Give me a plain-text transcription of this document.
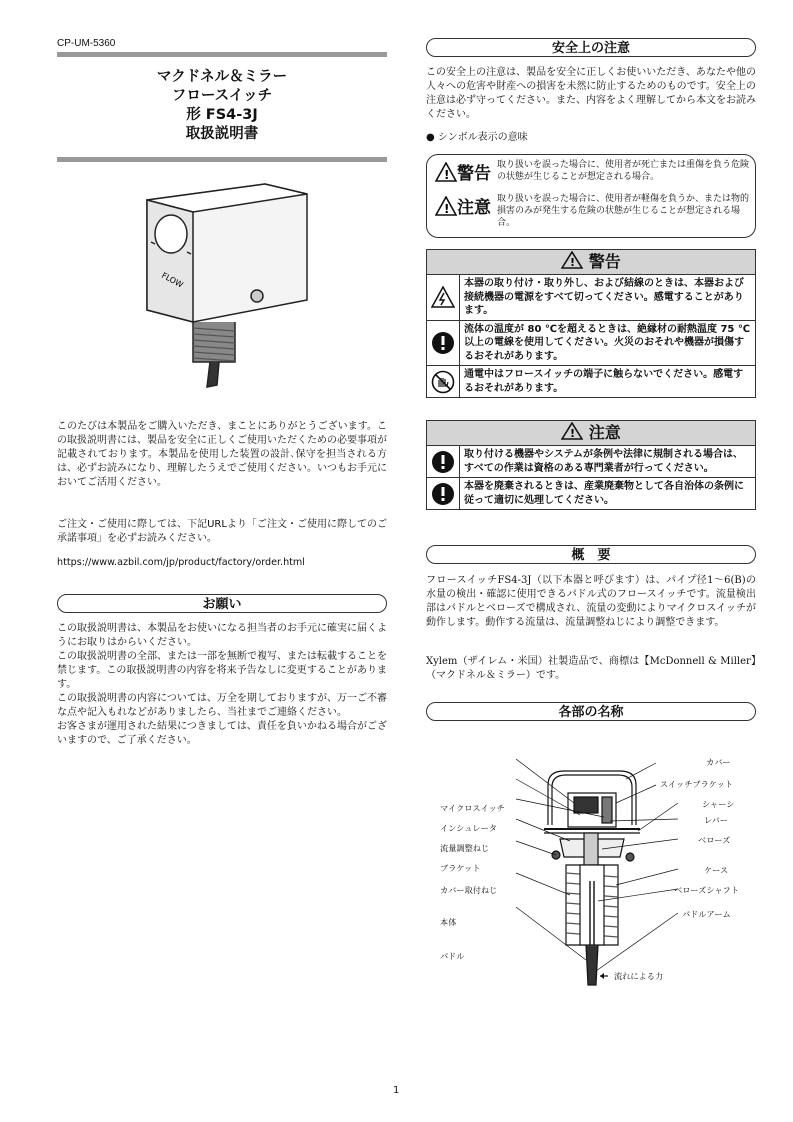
CP-UM-5360
マクドネル＆ミラー
フロースイッチ
形 FS4-3J
取扱説明書
FLOW
このたびは本製品をご購入いただき、まことにありがとうございます。この取扱説明書には、製品を安全に正しくご使用いただくための必要事項が記載されております。本製品を使用した装置の設計､保守を担当される方は、必ずお読みになり、理解したうえでご使用ください。いつもお手元においてご活用ください。
ご注文・ご使用に際しては、下記URLより「ご注文・ご使用に際してのご承諾事項」を必ずお読みください。
https://www.azbil.com/jp/product/factory/order.html
お願い
この取扱説明書は、本製品をお使いになる担当者のお手元に確実に届くようにお取りはからいください。
この取扱説明書の全部、または一部を無断で複写、または転載することを禁じます。この取扱説明書の内容を将来予告なしに変更することがあります。
この取扱説明書の内容については、万全を期しておりますが、万一ご不審な点や記入もれなどがありましたら、当社までご連絡ください。
お客さまが運用された結果につきましては、責任を負いかねる場合がございますので、ご了承ください。
安全上の注意
この安全上の注意は、製品を安全に正しくお使いいただき、あなたや他の人々への危害や財産への損害を未然に防止するためのものです。安全上の注意は必ず守ってください。また、内容をよく理解してから本文をお読みください。
● シンボル表示の意味
! 警告 取り扱いを誤った場合に、使用者が死亡または重傷を負う危険の状態が生じることが想定される場合。
! 注意 取り扱いを誤った場合に、使用者が軽傷を負うか、または物的損害のみが発生する危険の状態が生じることが想定される場合。
! 警告
本器の取り付け・取り外し、および結線のときは、本器および接続機器の電源をすべて切ってください。感電することがあります。
流体の温度が 80 ℃を超えるときは、絶縁材の耐熱温度 75 ℃以上の電線を使用してください。火災のおそれや機器が損傷するおそれがあります。
通電中はフロースイッチの端子に触らないでください。感電するおそれがあります。
! 注意
取り付ける機器やシステムが条例や法律に規制される場合は、すべての作業は資格のある専門業者が行ってください。
本器を廃棄されるときは、産業廃棄物として各自治体の条例に従って適切に処理してください。
概　要
フロースイッチFS4-3J（以下本器と呼びます）は、パイプ径1～6(B)の水量の検出・確認に使用できるパドル式のフロースイッチです。流量検出部はパドルとベローズで構成され、流量の変動によりマイクロスイッチが動作します。動作する流量は、流量調整ねじにより調整できます。
Xylem（ザイレム・米国）社製造品で、商標は【McDonnell & Miller】（マクドネル＆ミラー）です。
各部の名称
マイクロスイッチ
インシュレータ
流量調整ねじ
ブラケット
カバー取付ねじ
本体
パドル
カバー
スイッチブラケット
シャーシ
レバー
ベローズ
ケース
ベローズシャフト
パドルアーム
流れによる力
1
